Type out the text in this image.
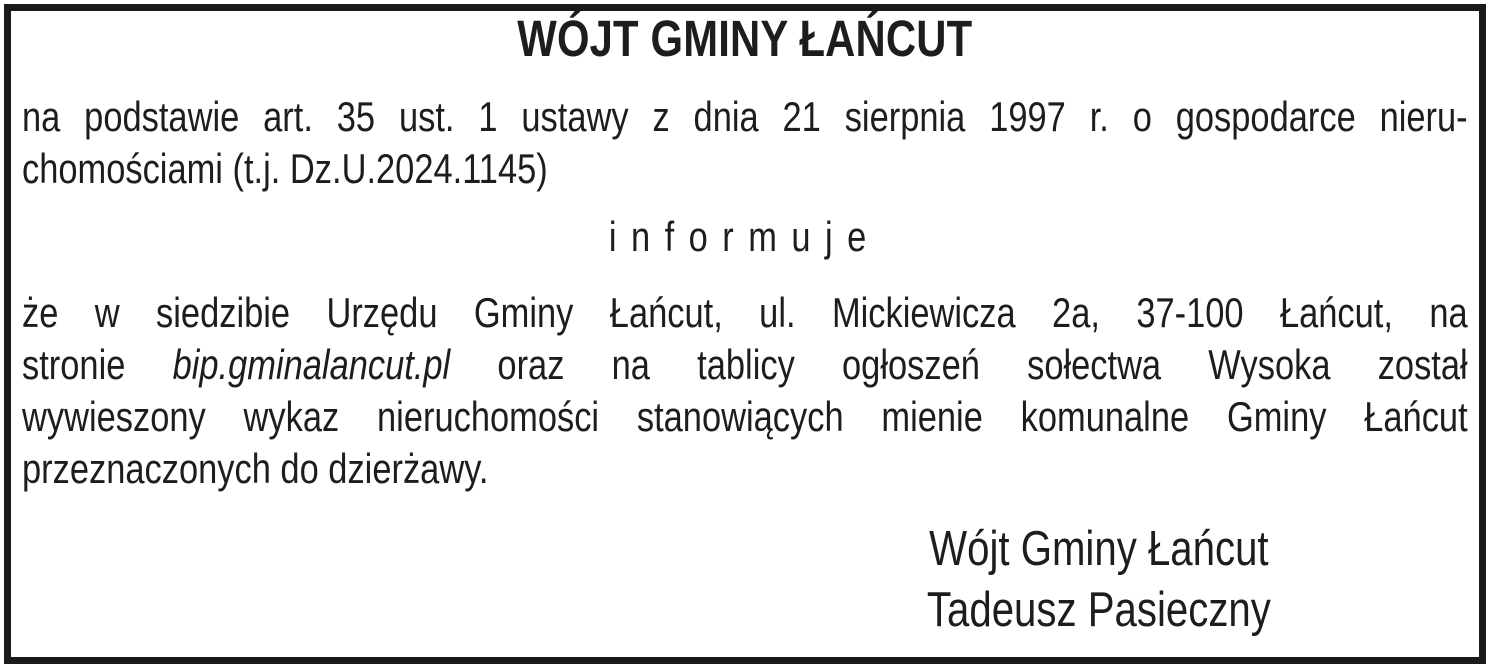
WÓJT GMINY ŁAŃCUT
na podstawie art. 35 ust. 1 ustawy z dnia 21 sierpnia 1997 r. o gospodarce nieru-
chomościami (t.j. Dz.U.2024.1145)
informuje
że w siedzibie Urzędu Gminy Łańcut, ul. Mickiewicza 2a, 37-100 Łańcut, na
stronie bip.gminalancut.pl oraz na tablicy ogłoszeń sołectwa Wysoka został
wywieszony wykaz nieruchomości stanowiących mienie komunalne Gminy Łańcut
przeznaczonych do dzierżawy.
Wójt Gminy Łańcut
Tadeusz Pasieczny
